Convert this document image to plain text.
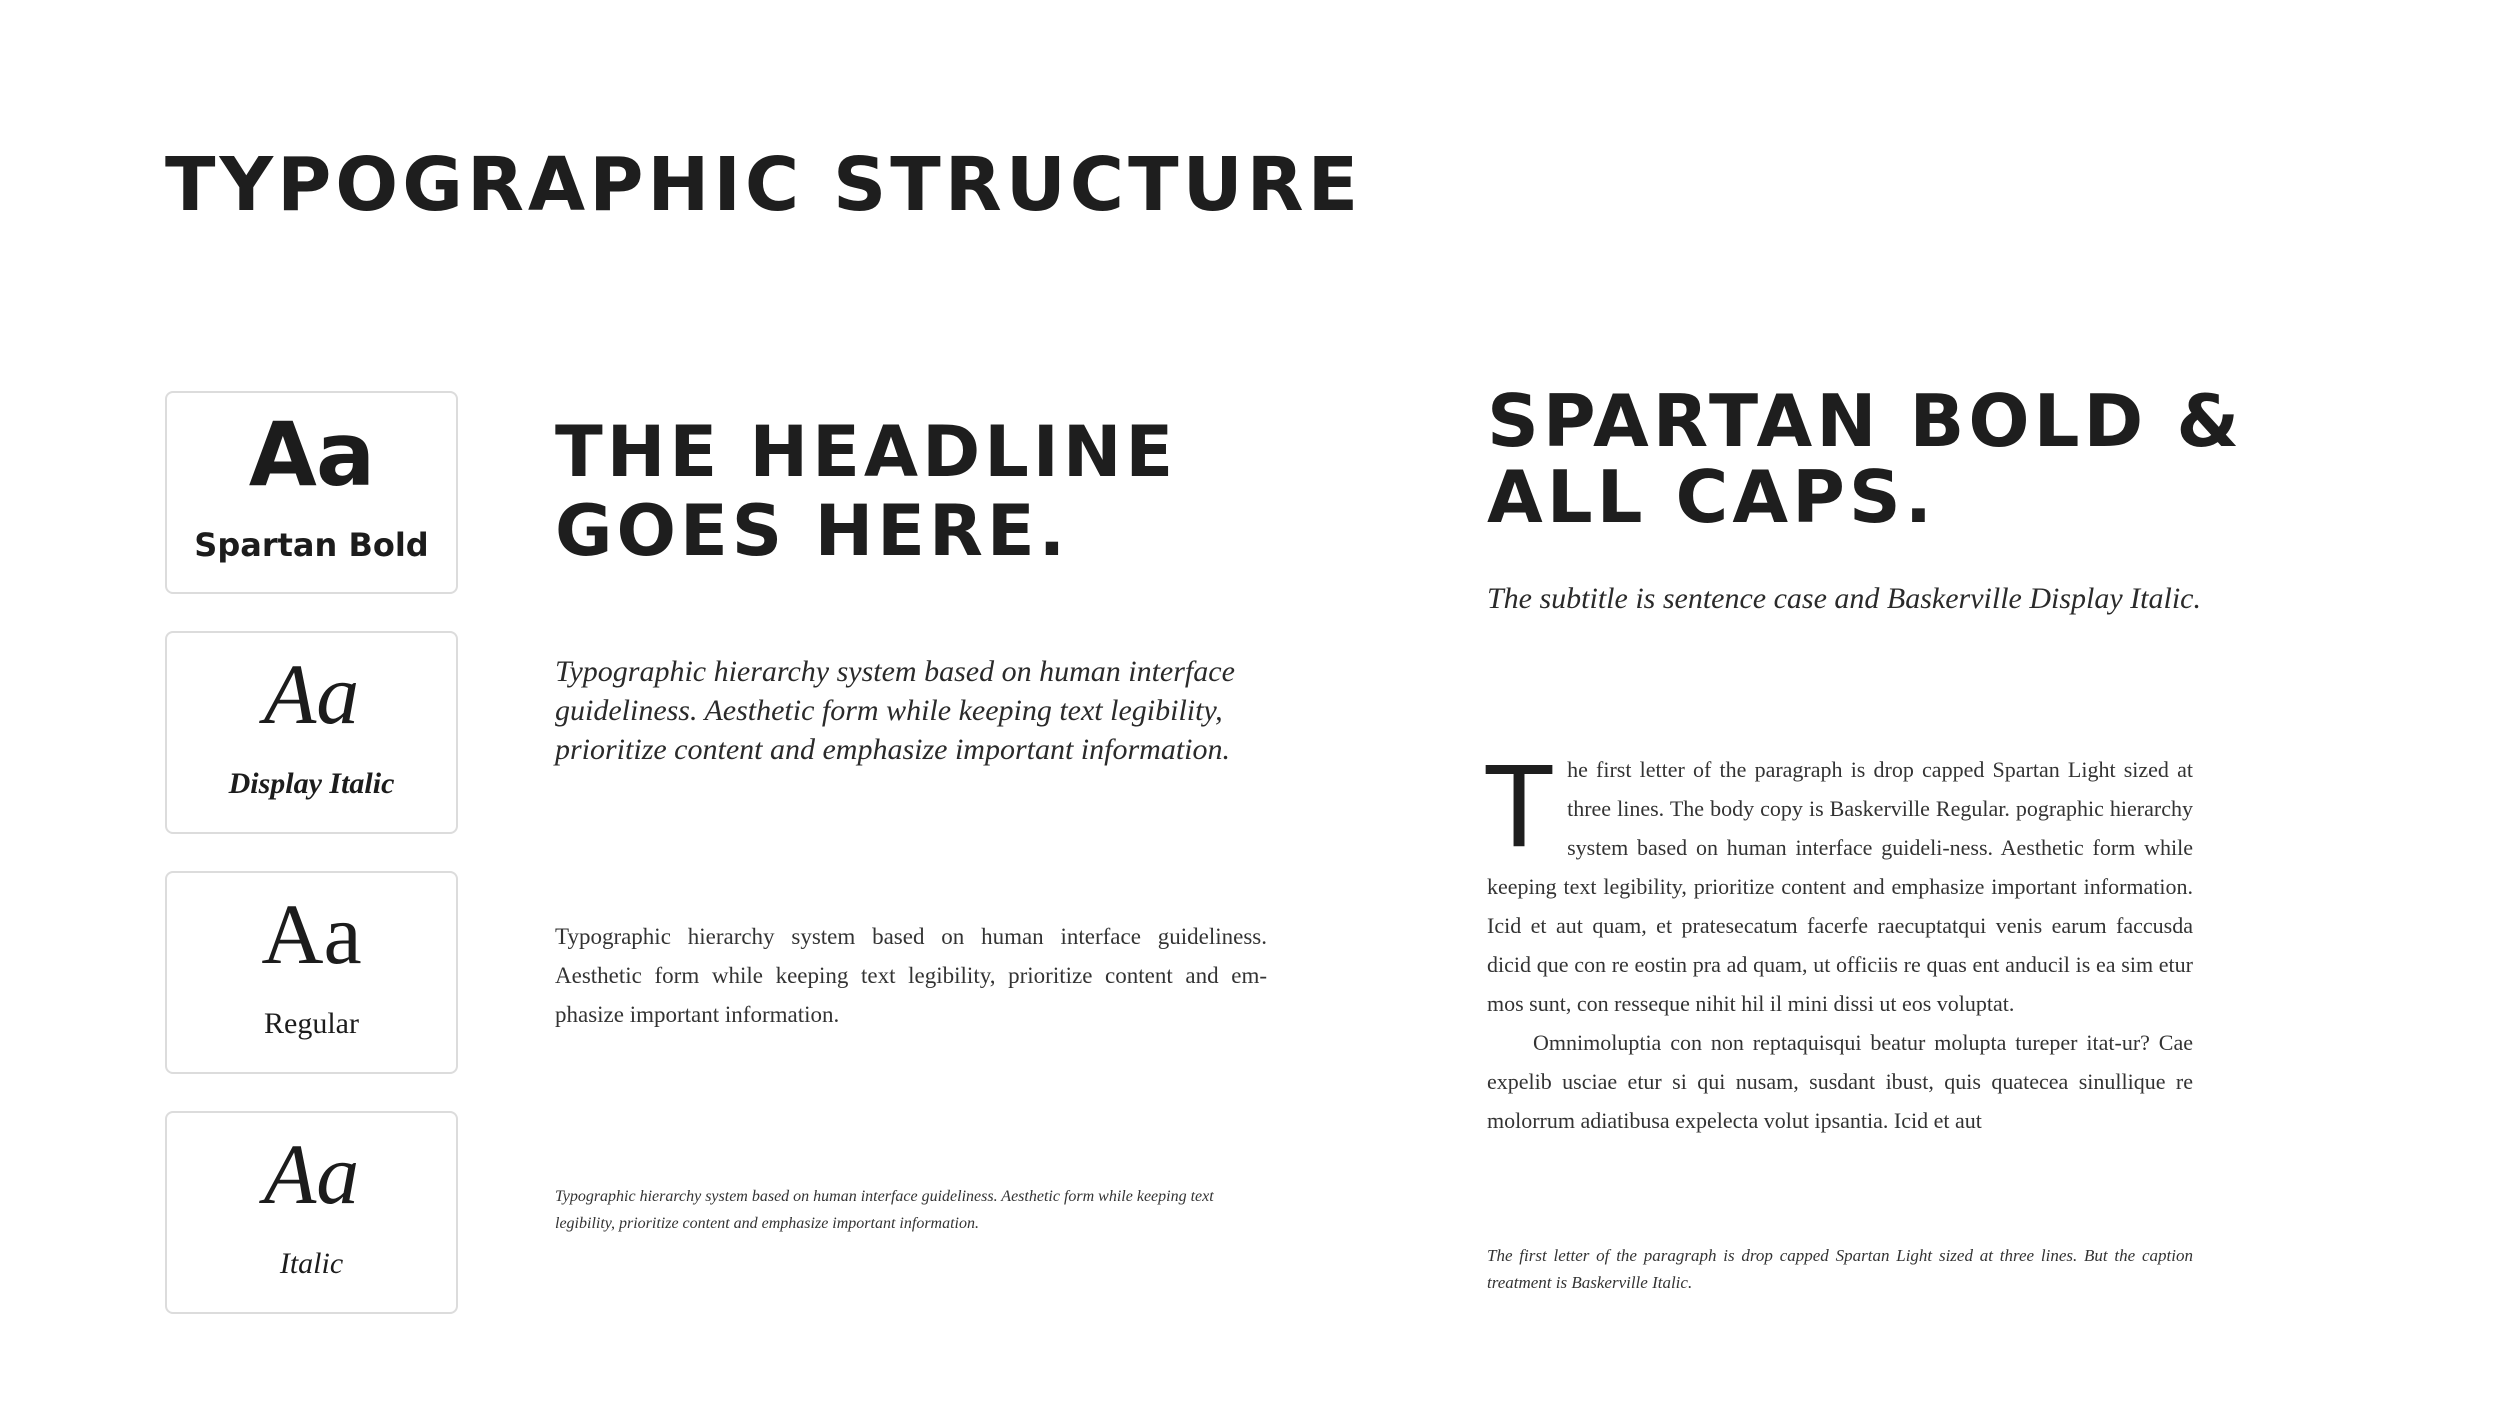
TYPOGRAPHIC STRUCTURE
Aa
Spartan Bold
Aa
Display Italic
Aa
Regular
Aa
Italic
THE HEADLINE
GOES HERE.

Typographic hierarchy system based on human interface guideliness. Aesthetic form while keeping text legibility, prioritize content and emphasize important information.

Typographic hierarchy system based on human interface guideliness. Aesthetic form while keeping text legibility, prioritize content and em-phasize important information.

Typographic hierarchy system based on human interface guideliness. Aesthetic form while keeping text legibility, prioritize content and emphasize important information.

SPARTAN BOLD &
ALL CAPS.

The subtitle is sentence case and Baskerville Display Italic.

The first letter of the paragraph is drop capped Spartan Light sized at three lines. The body copy is Baskerville Regular. pographic hierarchy system based on human interface guideli-ness. Aesthetic form while keeping text legibility, prioritize content and emphasize important information. Icid et aut quam, et pratesecatum facerfe raecuptatqui venis earum faccusda dicid que con re eostin pra ad quam, ut officiis re quas ent anducil is ea sim etur mos sunt, con resseque nihit hil il mini dissi ut eos voluptat.

Omnimoluptia con non reptaquisqui beatur molupta tureper itat-ur? Cae expelib usciae etur si qui nusam, susdant ibust, quis quatecea sinullique re molorrum adiatibusa expelecta volut ipsantia. Icid et aut

The first letter of the paragraph is drop capped Spartan Light sized at three lines. But the caption treatment is Baskerville Italic.
